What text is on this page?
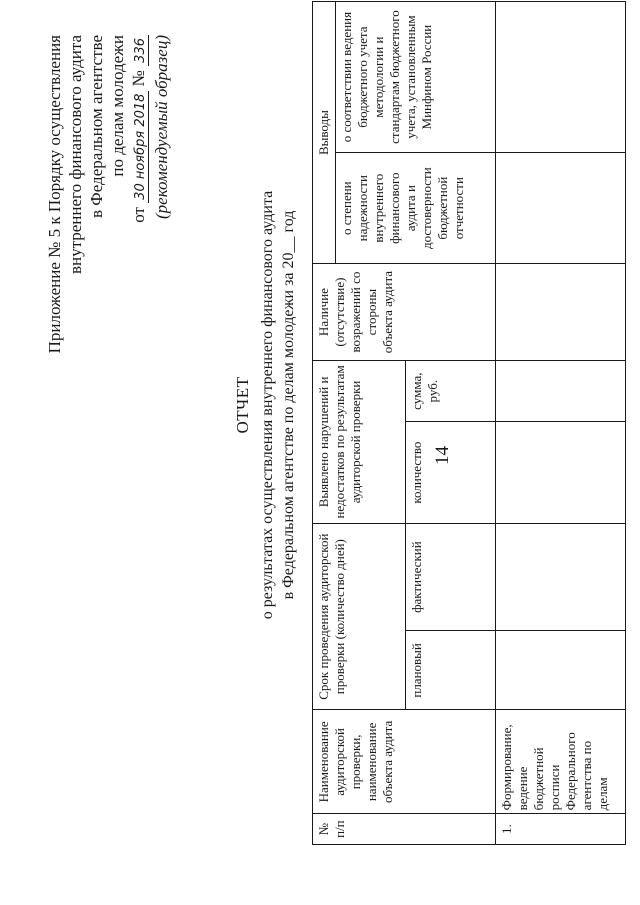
14
Приложение № 5 к Порядку осуществления внутреннего финансового аудита в Федеральном агентстве по делам молодежи
от 30 ноября 2018 № 336 (рекомендуемый образец)
ОТЧЕТ о результатах осуществления внутреннего финансового аудита в Федеральном агентстве по делам молодежи за 20__ год
№ п/п	Наименование аудиторской проверки, наименование объекта аудита	Срок проведения аудиторской проверки (количество дней)		Выявлено нарушений и недостатков по результатам аудиторской проверки		Наличие (отсутствие) возражений со стороны объекта аудита	Выводы	
							о степени надежности внутреннего финансового аудита и достоверности бюджетной отчетности	о соответствии ведения бюджетного учета методологии и стандартам бюджетного учета, установленным Минфином России
		плановый	фактический	количество	сумма, руб.			
1.	Формирование, ведение бюджетной росписи Федерального агентства по делам							
